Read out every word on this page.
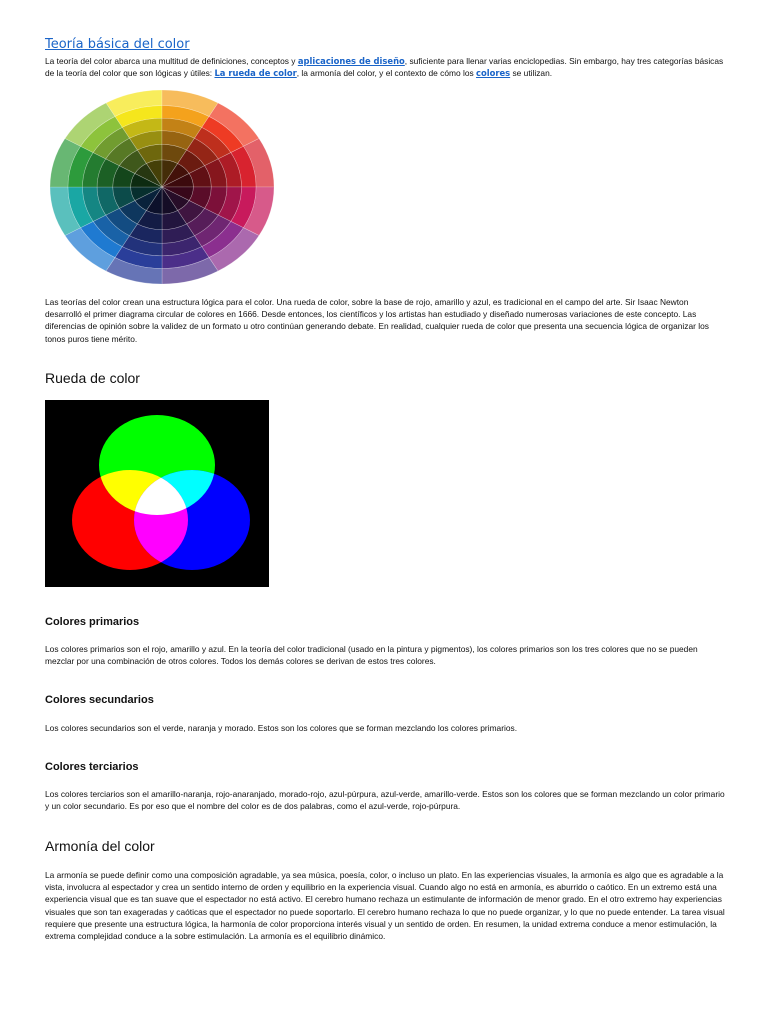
Teoría básica del color

La teoría del color abarca una multitud de definiciones, conceptos y aplicaciones de diseño, suficiente para llenar varias enciclopedias. Sin embargo, hay tres categorías básicas de la teoría del color que son lógicas y útiles: La rueda de color, la armonía del color, y el contexto de cómo los colores se utilizan.

Las teorías del color crean una estructura lógica para el color. Una rueda de color, sobre la base de rojo, amarillo y azul, es tradicional en el campo del arte. Sir Isaac Newton desarrolló el primer diagrama circular de colores en 1666. Desde entonces, los científicos y los artistas han estudiado y diseñado numerosas variaciones de este concepto. Las diferencias de opinión sobre la validez de un formato u otro continúan generando debate. En realidad, cualquier rueda de color que presenta una secuencia lógica de organizar los tonos puros tiene mérito.

Rueda de color
Colores primarios

Los colores primarios son el rojo, amarillo y azul. En la teoría del color tradicional (usado en la pintura y pigmentos), los colores primarios son los tres colores que no se pueden mezclar por una combinación de otros colores. Todos los demás colores se derivan de estos tres colores.

Colores secundarios

Los colores secundarios son el verde, naranja y morado. Estos son los colores que se forman mezclando los colores primarios.

Colores terciarios

Los colores terciarios son el amarillo-naranja, rojo-anaranjado, morado-rojo, azul-púrpura, azul-verde, amarillo-verde. Estos son los colores que se forman mezclando un color primario y un color secundario. Es por eso que el nombre del color es de dos palabras, como el azul-verde, rojo-púrpura.

Armonía del color

La armonía se puede definir como una composición agradable, ya sea música, poesía, color, o incluso un plato. En las experiencias visuales, la armonía es algo que es agradable a la vista, involucra al espectador y crea un sentido interno de orden y equilibrio en la experiencia visual. Cuando algo no está en armonía, es aburrido o caótico. En un extremo está una experiencia visual que es tan suave que el espectador no está activo. El cerebro humano rechaza un estimulante de información de menor grado. En el otro extremo hay experiencias visuales que son tan exageradas y caóticas que el espectador no puede soportarlo. El cerebro humano rechaza lo que no puede organizar, y lo que no puede entender. La tarea visual requiere que presente una estructura lógica, la harmonía de color proporciona interés visual y un sentido de orden. En resumen, la unidad extrema conduce a menor estimulación, la extrema complejidad conduce a la sobre estimulación. La armonía es el equilibrio dinámico.
